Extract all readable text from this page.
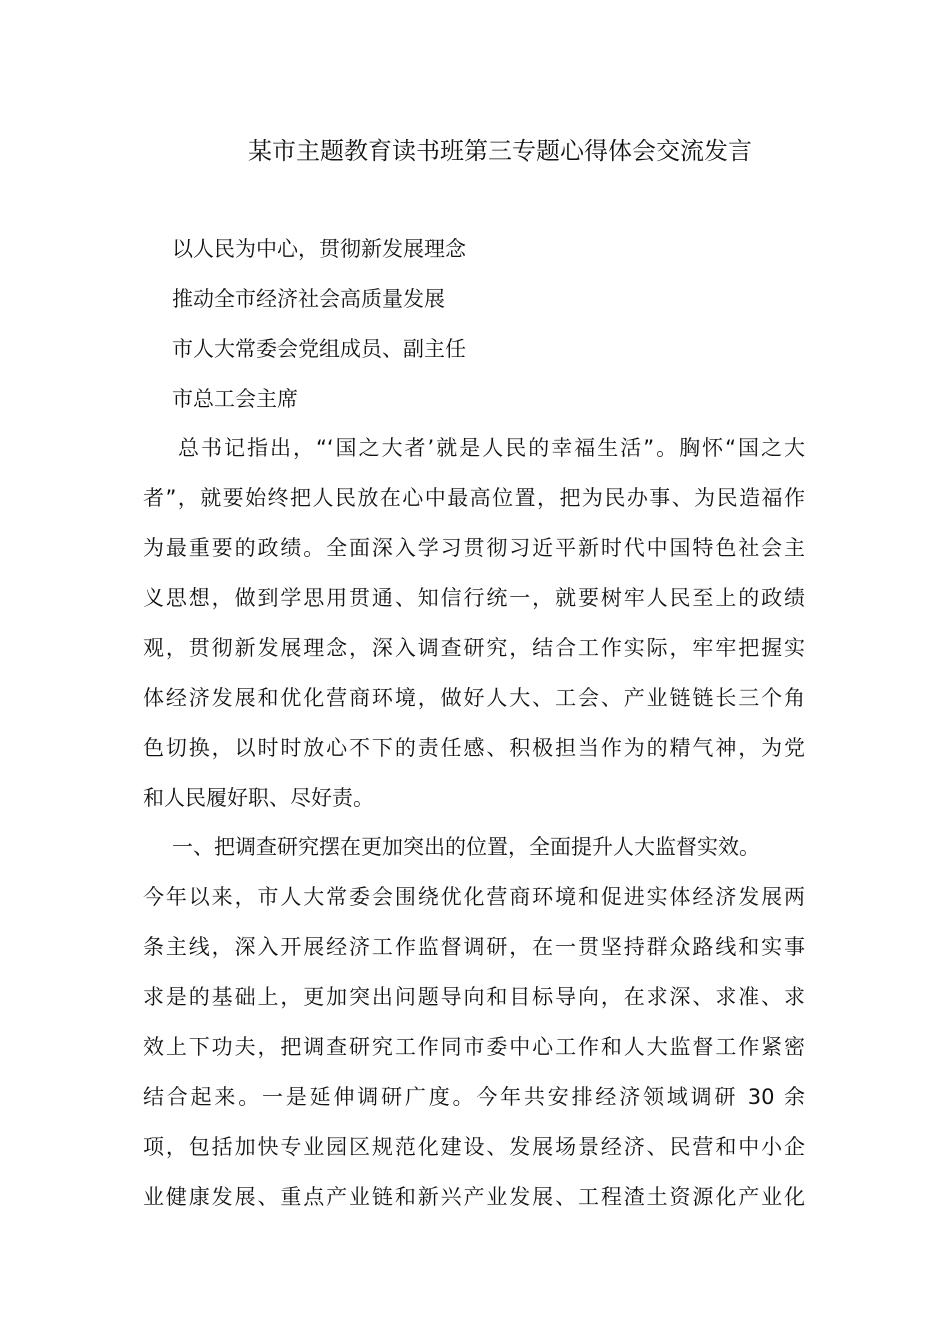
某市主题教育读书班第三专题心得体会交流发言

以人民为中心，贯彻新发展理念

推动全市经济社会高质量发展

市人大常委会党组成员、副主任

市总工会主席

总书记指出，“‘国之大者’就是人民的幸福生活”。胸怀“国之大

者”，就要始终把人民放在心中最高位置，把为民办事、为民造福作

为最重要的政绩。全面深入学习贯彻习近平新时代中国特色社会主

义思想，做到学思用贯通、知信行统一，就要树牢人民至上的政绩

观，贯彻新发展理念，深入调查研究，结合工作实际，牢牢把握实

体经济发展和优化营商环境，做好人大、工会、产业链链长三个角

色切换，以时时放心不下的责任感、积极担当作为的精气神，为党

和人民履好职、尽好责。

一、把调查研究摆在更加突出的位置，全面提升人大监督实效。

今年以来，市人大常委会围绕优化营商环境和促进实体经济发展两

条主线，深入开展经济工作监督调研，在一贯坚持群众路线和实事

求是的基础上，更加突出问题导向和目标导向，在求深、求准、求

效上下功夫，把调查研究工作同市委中心工作和人大监督工作紧密

结合起来。一是延伸调研广度。今年共安排经济领域调研 30 余

项，包括加快专业园区规范化建设、发展场景经济、民营和中小企

业健康发展、重点产业链和新兴产业发展、工程渣土资源化产业化
